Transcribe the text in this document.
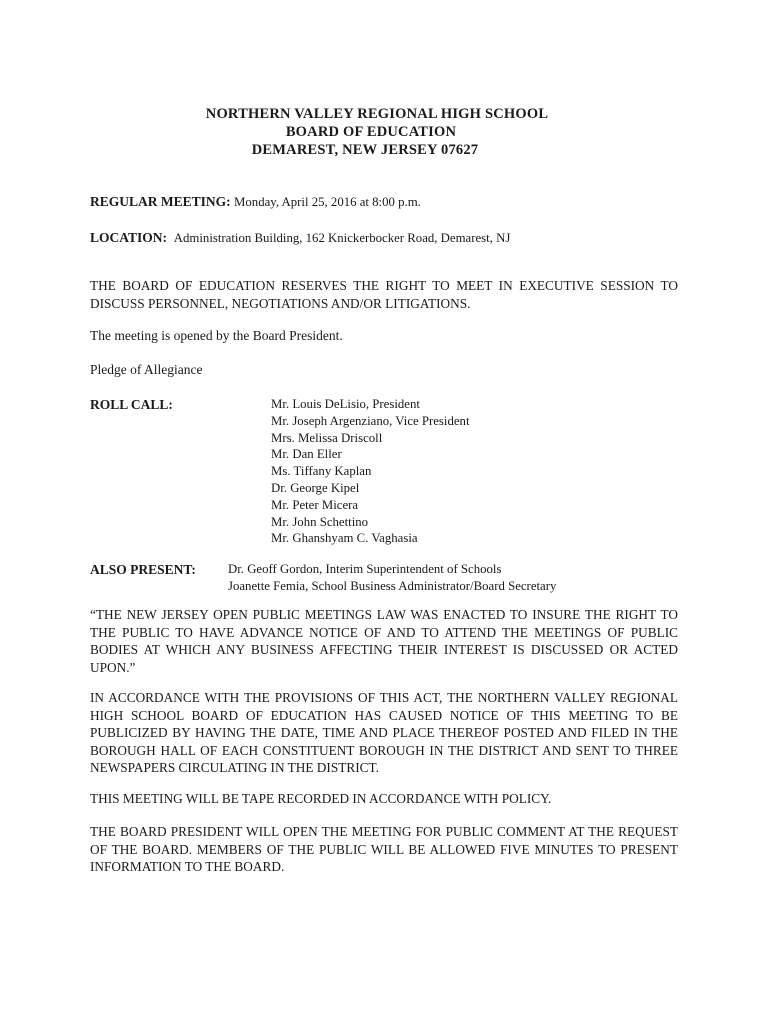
NORTHERN VALLEY REGIONAL HIGH SCHOOL
BOARD OF EDUCATION
DEMAREST, NEW JERSEY 07627
REGULAR MEETING: Monday, April 25, 2016 at 8:00 p.m.
LOCATION: Administration Building, 162 Knickerbocker Road, Demarest, NJ
THE BOARD OF EDUCATION RESERVES THE RIGHT TO MEET IN EXECUTIVE SESSION TO DISCUSS PERSONNEL, NEGOTIATIONS AND/OR LITIGATIONS.
The meeting is opened by the Board President.
Pledge of Allegiance
ROLL CALL:	Mr. Louis DeLisio, President
Mr. Joseph Argenziano, Vice President
Mrs. Melissa Driscoll
Mr. Dan Eller
Ms. Tiffany Kaplan
Dr. George Kipel
Mr. Peter Micera
Mr. John Schettino
Mr. Ghanshyam C. Vaghasia
ALSO PRESENT:	Dr. Geoff Gordon, Interim Superintendent of Schools
Joanette Femia, School Business Administrator/Board Secretary
“THE NEW JERSEY OPEN PUBLIC MEETINGS LAW WAS ENACTED TO INSURE THE RIGHT TO THE PUBLIC TO HAVE ADVANCE NOTICE OF AND TO ATTEND THE MEETINGS OF PUBLIC BODIES AT WHICH ANY BUSINESS AFFECTING THEIR INTEREST IS DISCUSSED OR ACTED UPON.”
IN ACCORDANCE WITH THE PROVISIONS OF THIS ACT, THE NORTHERN VALLEY REGIONAL HIGH SCHOOL BOARD OF EDUCATION HAS CAUSED NOTICE OF THIS MEETING TO BE PUBLICIZED BY HAVING THE DATE, TIME AND PLACE THEREOF POSTED AND FILED IN THE BOROUGH HALL OF EACH CONSTITUENT BOROUGH IN THE DISTRICT AND SENT TO THREE NEWSPAPERS CIRCULATING IN THE DISTRICT.
THIS MEETING WILL BE TAPE RECORDED IN ACCORDANCE WITH POLICY.
THE BOARD PRESIDENT WILL OPEN THE MEETING FOR PUBLIC COMMENT AT THE REQUEST OF THE BOARD. MEMBERS OF THE PUBLIC WILL BE ALLOWED FIVE MINUTES TO PRESENT INFORMATION TO THE BOARD.
